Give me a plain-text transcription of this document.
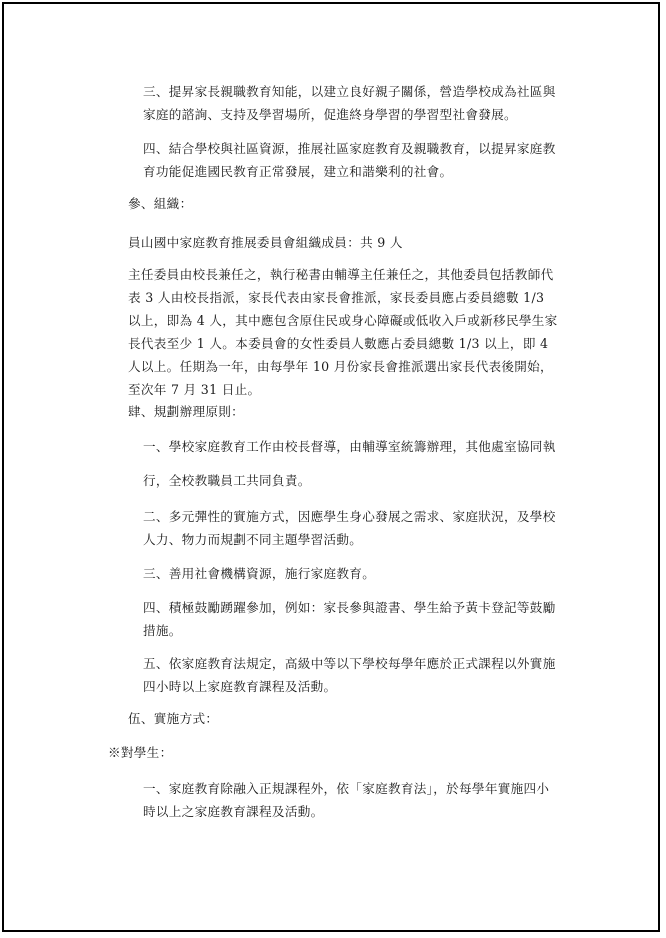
三、提昇家長親職教育知能，以建立良好親子關係，營造學校成為社區與
家庭的諮詢、支持及學習場所，促進終身學習的學習型社會發展。
四、結合學校與社區資源，推展社區家庭教育及親職教育，以提昇家庭教
育功能促進國民教育正常發展，建立和諧樂利的社會。
參、組織：
員山國中家庭教育推展委員會組織成員：共 9 人
主任委員由校長兼任之，執行秘書由輔導主任兼任之，其他委員包括教師代
表 3 人由校長指派，家長代表由家長會推派，家長委員應占委員總數 1/3
以上，即為 4 人，其中應包含原住民或身心障礙或低收入戶或新移民學生家
長代表至少 1 人。本委員會的女性委員人數應占委員總數 1/3 以上，即 4
人以上。任期為一年，由每學年 10 月份家長會推派選出家長代表後開始，
至次年 7 月 31 日止。
肆、規劃辦理原則：
一、學校家庭教育工作由校長督導，由輔導室統籌辦理，其他處室協同執
行，全校教職員工共同負責。
二、多元彈性的實施方式，因應學生身心發展之需求、家庭狀況，及學校
人力、物力而規劃不同主題學習活動。
三、善用社會機構資源，施行家庭教育。
四、積極鼓勵踴躍參加，例如：家長參與證書、學生給予黃卡登記等鼓勵
措施。
五、依家庭教育法規定，高級中等以下學校每學年應於正式課程以外實施
四小時以上家庭教育課程及活動。
伍、實施方式：
※對學生：
一、家庭教育除融入正規課程外，依「家庭教育法」，於每學年實施四小
時以上之家庭教育課程及活動。
